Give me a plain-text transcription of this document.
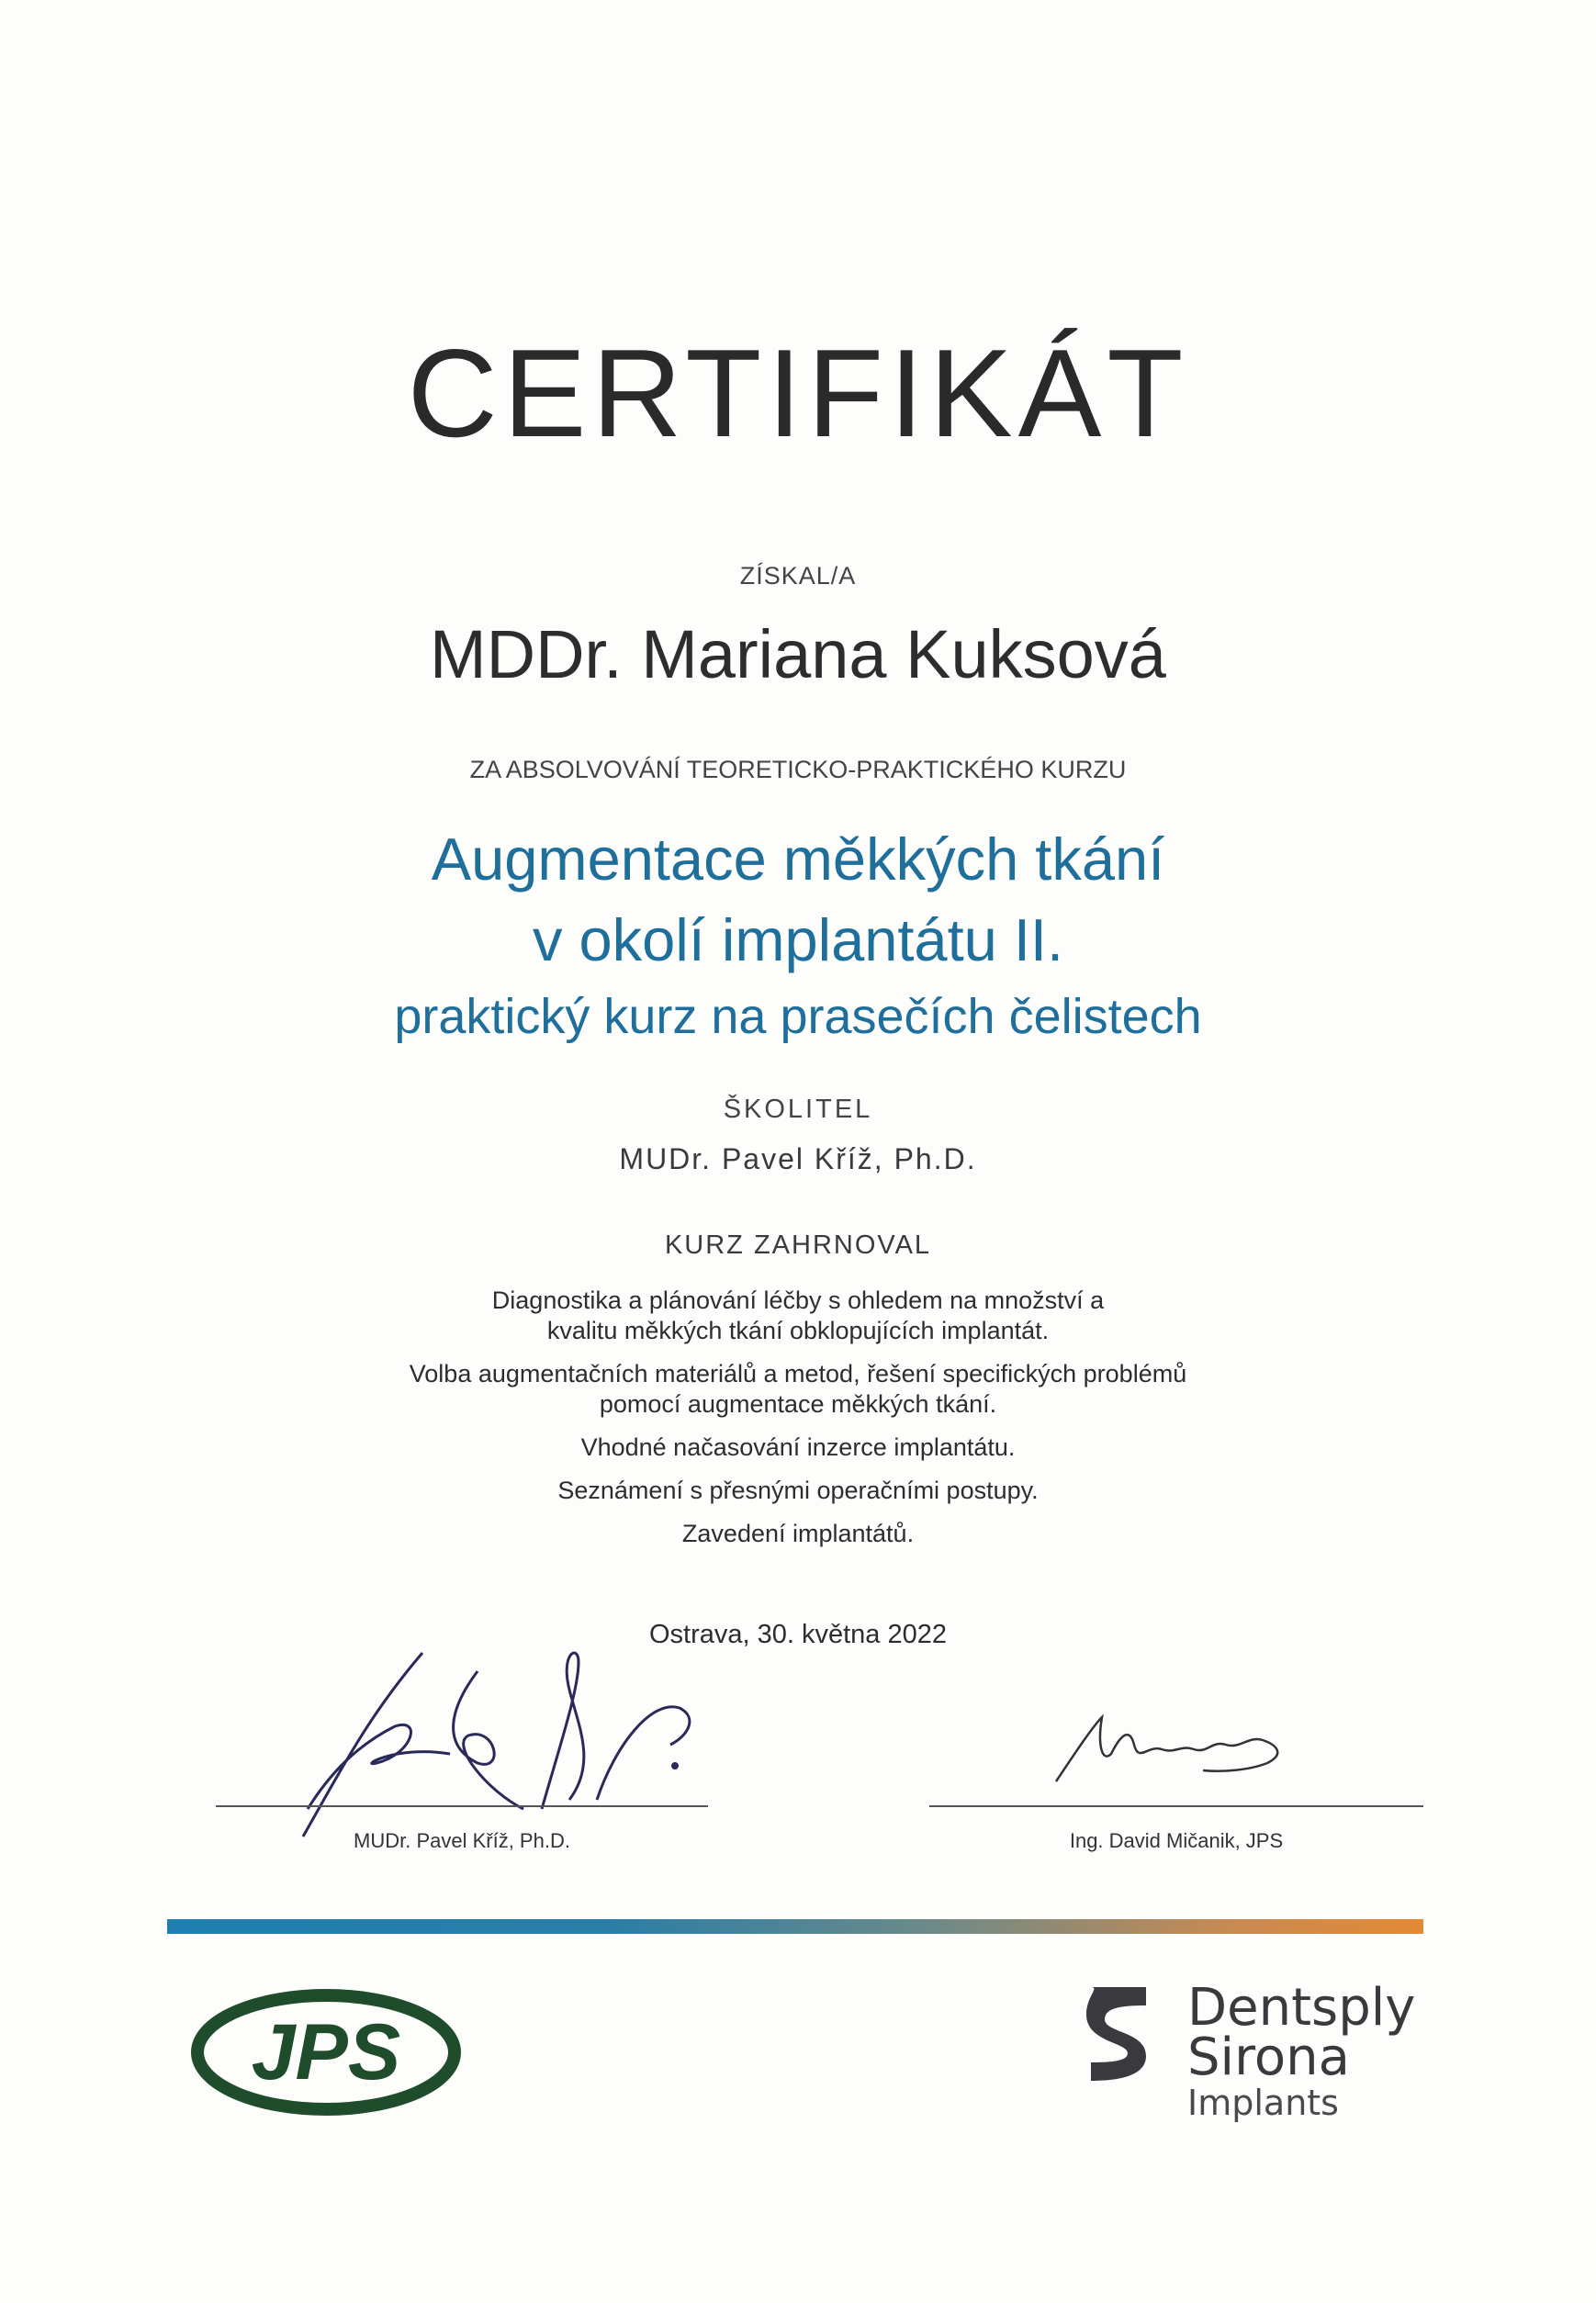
CERTIFIKÁT
ZÍSKAL/A
MDDr. Mariana Kuksová
ZA ABSOLVOVÁNÍ TEORETICKO-PRAKTICKÉHO KURZU
Augmentace měkkých tkání
v okolí implantátu II.
praktický kurz na prasečích čelistech
ŠKOLITEL
MUDr. Pavel Kříž, Ph.D.
KURZ ZAHRNOVAL
Diagnostika a plánování léčby s ohledem na množství a
kvalitu měkkých tkání obklopujících implantát.
Volba augmentačních materiálů a metod, řešení specifických problémů
pomocí augmentace měkkých tkání.
Vhodné načasování inzerce implantátu.
Seznámení s přesnými operačními postupy.
Zavedení implantátů.
Ostrava, 30. května 2022
MUDr. Pavel Kříž, Ph.D.	Ing. David Mičanik, JPS
JPS
Dentsply
Sirona
Implants
